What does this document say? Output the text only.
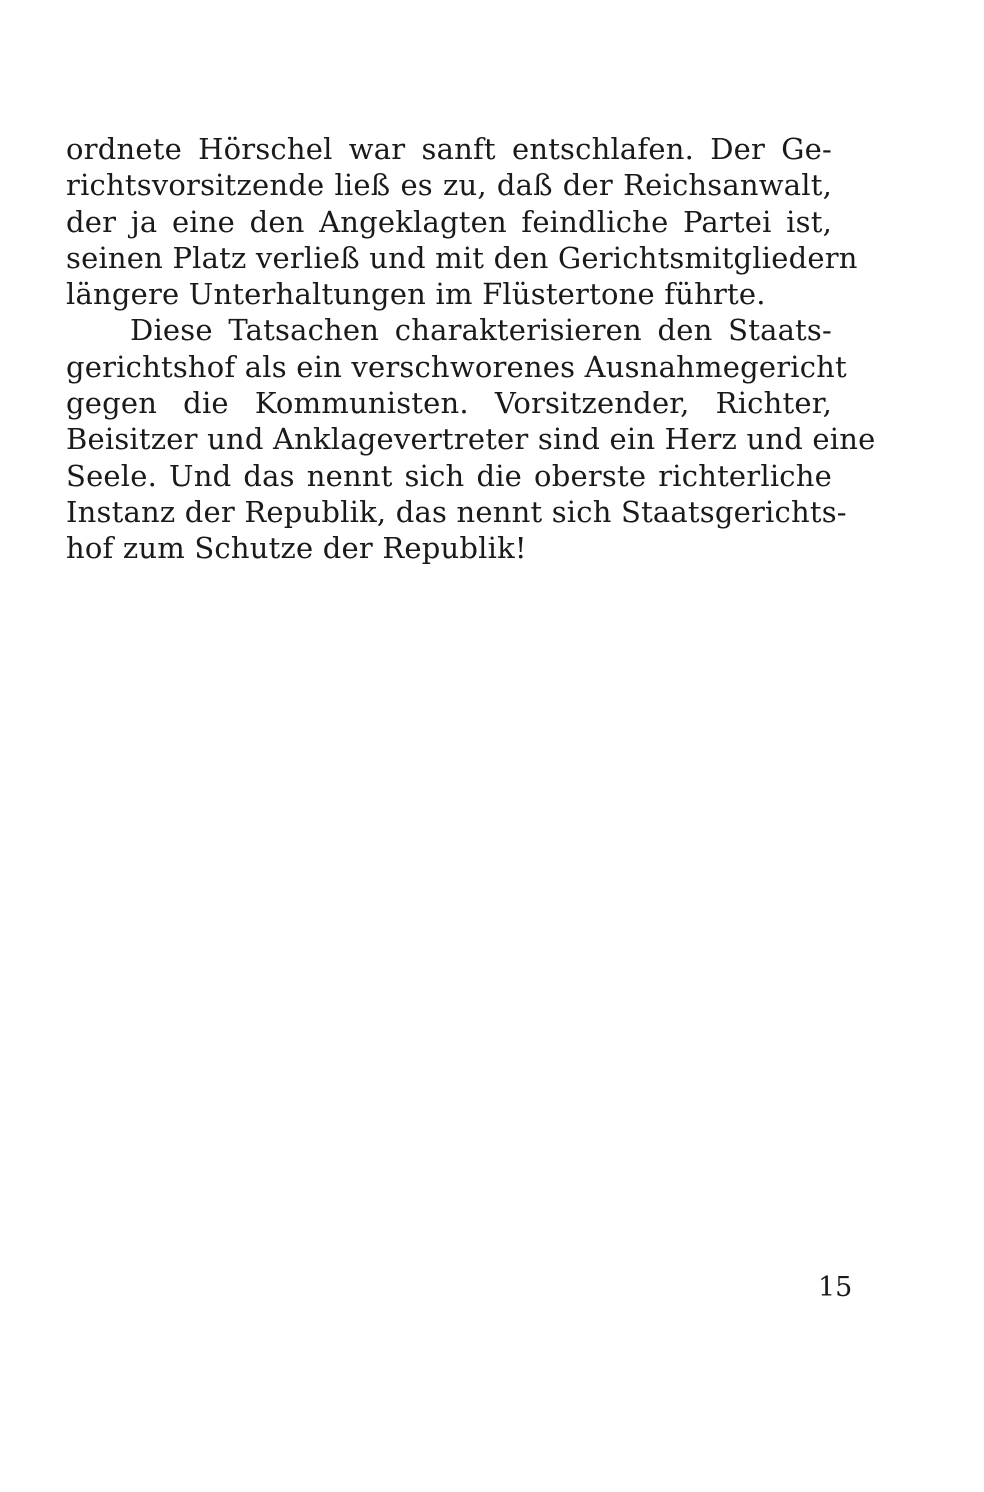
ordnete Hörschel war sanft entschlafen. Der Ge-
richtsvorsitzende ließ es zu, daß der Reichsanwalt,
der ja eine den Angeklagten feindliche Partei ist,
seinen Platz verließ und mit den Gerichtsmitgliedern
längere Unterhaltungen im Flüstertone führte.
Diese Tatsachen charakterisieren den Staats-
gerichtshof als ein verschworenes Ausnahmegericht
gegen die Kommunisten. Vorsitzender, Richter,
Beisitzer und Anklagevertreter sind ein Herz und eine
Seele. Und das nennt sich die oberste richterliche
Instanz der Republik, das nennt sich Staatsgerichts-
hof zum Schutze der Republik!
15
